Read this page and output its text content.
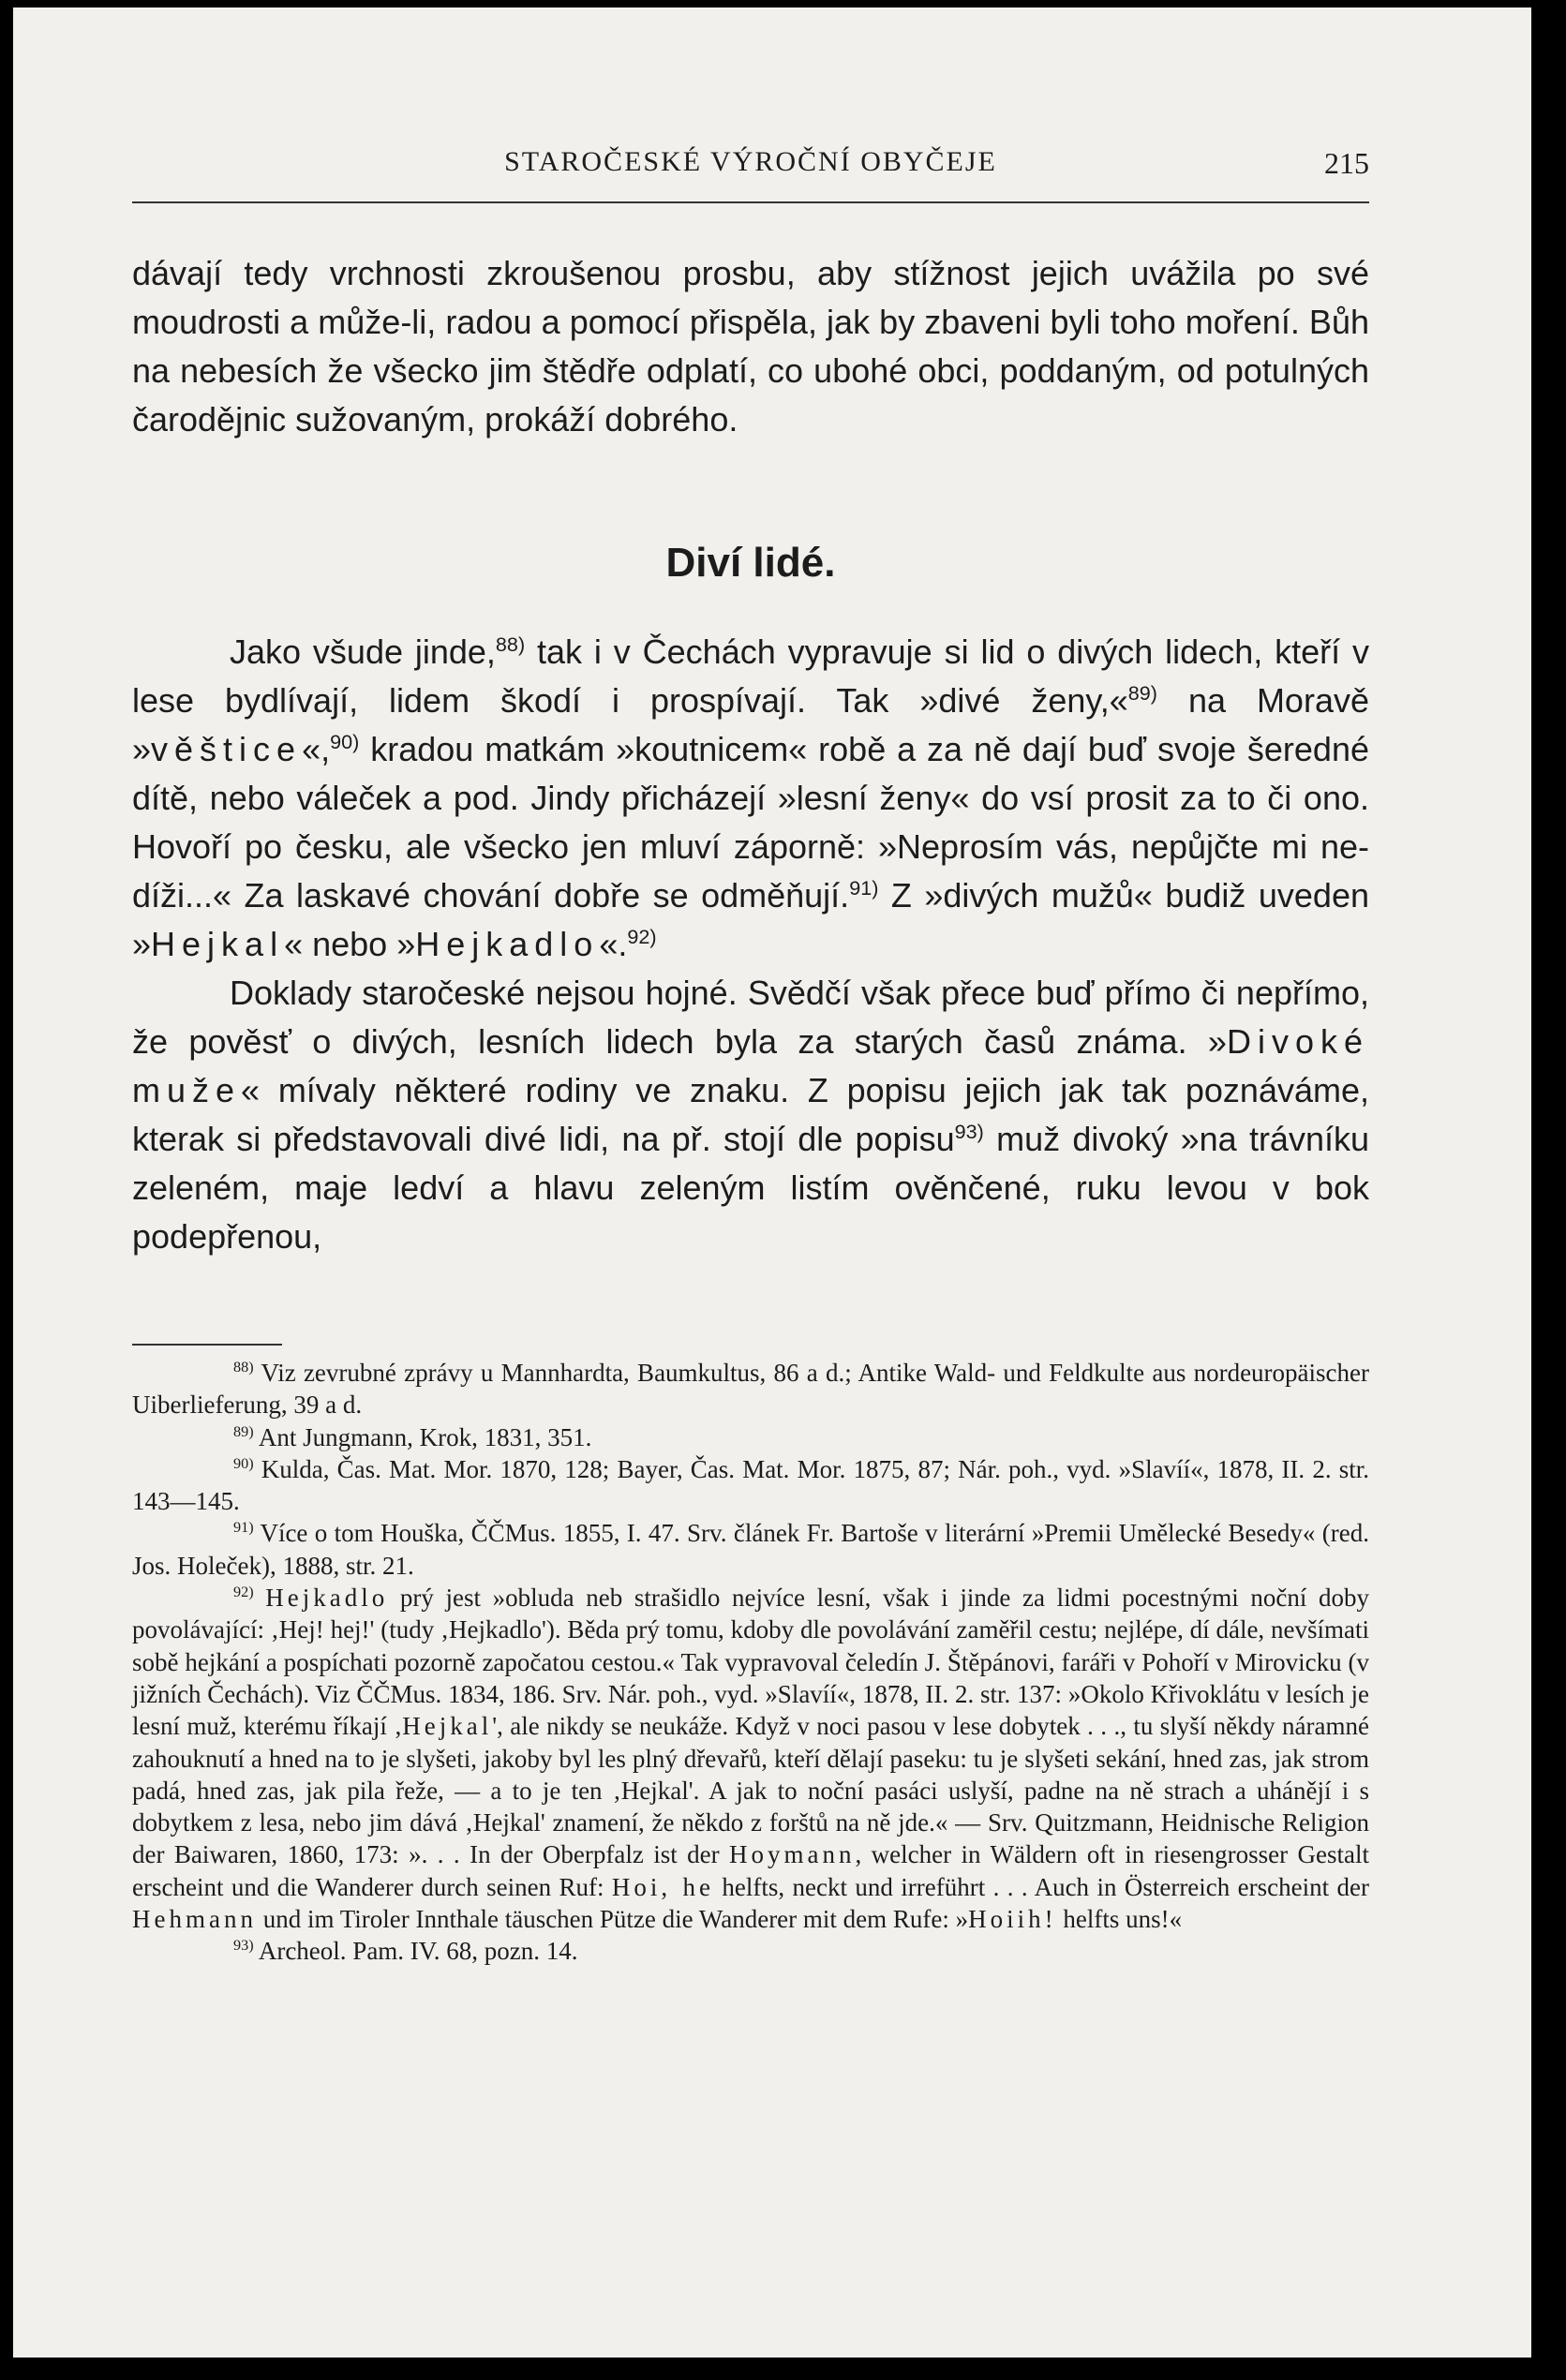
STAROČESKÉ VÝROČNÍ OBYČEJE	215

dávají tedy vrchnosti zkroušenou prosbu, aby stížnost jejich uvážila po své moudrosti a může-li, radou a pomocí přispěla, jak by zbaveni byli toho moření. Bůh na nebesích že všecko jim štědře odplatí, co ubohé obci, poddaným, od potulných čarodějnic sužovaným, prokáží dobrého.

Diví lidé.

Jako všude jinde,$^{88)}$ tak i v Čechách vypravuje si lid o divých lidech, kteří v lese bydlívají, lidem škodí i prospívají. Tak »divé ženy,«$^{89)}$ na Moravě »věštice«,$^{90)}$ kradou matkám »koutnicem« robě a za ně dají buď svoje šeredné dítě, nebo váleček a pod. Jindy přicházejí »lesní ženy« do vsí prosit za to či ono. Hovoří po česku, ale všecko jen mluví záporně: »Neprosím vás, nepůjčte mi ne-díži...« Za laskavé chování dobře se odměňují.$^{91)}$ Z »divých mužů« budiž uveden »Hejkal« nebo »Hejkadlo«.$^{92)}$

Doklady staročeské nejsou hojné. Svědčí však přece buď přímo či nepřímo, že pověsť o divých, lesních lidech byla za starých časů známa. »Divoké muže« mívaly některé rodiny ve znaku. Z popisu jejich jak tak poznáváme, kterak si představovali divé lidi, na př. stojí dle popisu$^{93)}$ muž divoký »na trávníku zeleném, maje ledví a hlavu zeleným listím ověnčené, ruku levou v bok podepřenou,

$^{88)}$ Viz zevrubné zprávy u Mannhardta, Baumkultus, 86 a d.; Antike Wald- und Feldkulte aus nordeuropäischer Uiberlieferung, 39 a d.

$^{89)}$ Ant Jungmann, Krok, 1831, 351.

$^{90)}$ Kulda, Čas. Mat. Mor. 1870, 128; Bayer, Čas. Mat. Mor. 1875, 87; Nár. poh., vyd. »Slavíí«, 1878, II. 2. str. 143—145.

$^{91)}$ Více o tom Houška, ČČMus. 1855, I. 47. Srv. článek Fr. Bartoše v literární »Premii Umělecké Besedy« (red. Jos. Holeček), 1888, str. 21.

$^{92)}$ Hejkadlo prý jest »obluda neb strašidlo nejvíce lesní, však i jinde za lidmi pocestnými noční doby povolávající: ‚Hej! hej!' (tudy ‚Hejkadlo'). Běda prý tomu, kdoby dle povolávání zaměřil cestu; nejlépe, dí dále, nevšímati sobě hejkání a pospíchati pozorně započatou cestou.« Tak vypravoval čeledín J. Štěpánovi, faráři v Pohoří v Mirovicku (v jižních Čechách). Viz ČČMus. 1834, 186. Srv. Nár. poh., vyd. »Slavíí«, 1878, II. 2. str. 137: »Okolo Křivoklátu v lesích je lesní muž, kterému říkají ‚Hejkal', ale nikdy se neukáže. Když v noci pasou v lese dobytek . . ., tu slyší někdy náramné zahouknutí a hned na to je slyšeti, jakoby byl les plný dřevařů, kteří dělají paseku: tu je slyšeti sekání, hned zas, jak strom padá, hned zas, jak pila řeže, — a to je ten ‚Hejkal'. A jak to noční pasáci uslyší, padne na ně strach a uhánějí i s dobytkem z lesa, nebo jim dává ‚Hejkal' znamení, že někdo z forštů na ně jde.« — Srv. Quitzmann, Heidnische Religion der Baiwaren, 1860, 173: ». . . In der Oberpfalz ist der Hoymann, welcher in Wäldern oft in riesengrosser Gestalt erscheint und die Wanderer durch seinen Ruf: Hoi, he helfts, neckt und irreführt . . . Auch in Österreich erscheint der Hehmann und im Tiroler Innthale täuschen Pütze die Wanderer mit dem Rufe: »Hoiih! helfts uns!«

$^{93)}$ Archeol. Pam. IV. 68, pozn. 14.
